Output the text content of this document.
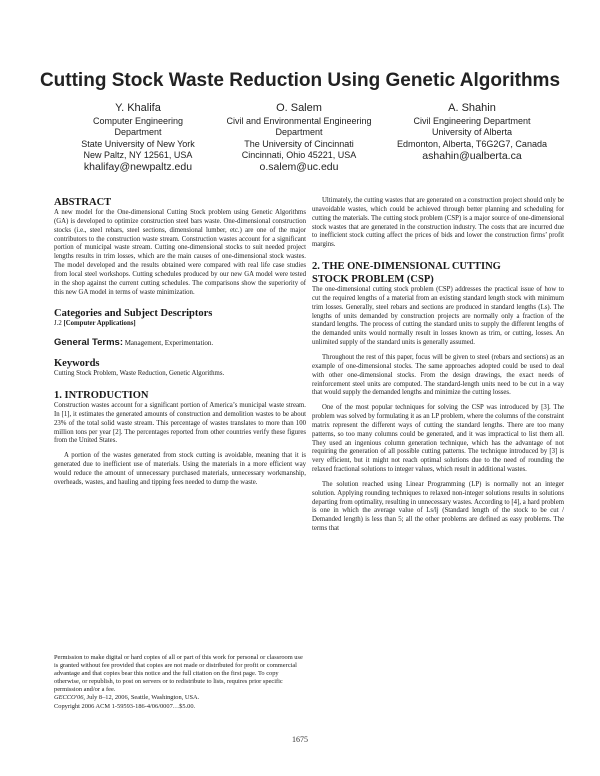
Cutting Stock Waste Reduction Using Genetic Algorithms
Y. Khalifa
Computer Engineering Department
State University of New York
New Paltz, NY 12561, USA
khalifay@newpaltz.edu
O. Salem
Civil and Environmental Engineering
Department
The University of Cincinnati
Cincinnati, Ohio 45221, USA
o.salem@uc.edu
A. Shahin
Civil Engineering Department
University of Alberta
Edmonton, Alberta, T6G2G7, Canada
ashahin@ualberta.ca

ABSTRACT

A new model for the One-dimensional Cutting Stock problem using Genetic Algorithms (GA) is developed to optimize construction steel bars waste. One-dimensional construction stocks (i.e., steel rebars, steel sections, dimensional lumber, etc.) are one of the major contributors to the construction waste stream. Construction wastes account for a significant portion of municipal waste stream. Cutting one-dimensional stocks to suit needed project lengths results in trim losses, which are the main causes of one-dimensional stock wastes. The model developed and the results obtained were compared with real life case studies from local steel workshops. Cutting schedules produced by our new GA model were tested in the shop against the current cutting schedules. The comparisons show the superiority of this new GA model in terms of waste minimization.

Categories and Subject Descriptors

J.2 [Computer Applications]

General Terms: Management, Experimentation.

Keywords

Cutting Stock Problem, Waste Reduction, Genetic Algorithms.

1. INTRODUCTION

Construction wastes account for a significant portion of America’s municipal waste stream. In [1], it estimates the generated amounts of construction and demolition wastes to be about 23% of the total solid waste stream. This percentage of wastes translates to more than 100 million tons per year [2]. The percentages reported from other countries verify these figures from the United States.

A portion of the wastes generated from stock cutting is avoidable, meaning that it is generated due to inefficient use of materials. Using the materials in a more efficient way would reduce the amount of unnecessary purchased materials, unnecessary workmanship, overheads, wastes, and hauling and tipping fees needed to dump the waste.

Permission to make digital or hard copies of all or part of this work for personal or classroom use is granted without fee provided that copies are not made or distributed for profit or commercial advantage and that copies bear this notice and the full citation on the first page. To copy otherwise, or republish, to post on servers or to redistribute to lists, requires prior specific permission and/or a fee.
GECCO'06, July 8–12, 2006, Seattle, Washington, USA.
Copyright 2006 ACM 1-59593-186-4/06/0007…$5.00.

Ultimately, the cutting wastes that are generated on a construction project should only be unavoidable wastes, which could be achieved through better planning and scheduling for cutting the materials. The cutting stock problem (CSP) is a major source of one-dimensional stock wastes that are generated in the construction industry. The costs that are incurred due to inefficient stock cutting affect the prices of bids and lower the construction firms’ profit margins.

2. THE ONE-DIMENSIONAL CUTTING
STOCK PROBLEM (CSP)

The one-dimensional cutting stock problem (CSP) addresses the practical issue of how to cut the required lengths of a material from an existing standard length stock with minimum trim losses. Generally, steel rebars and sections are produced in standard lengths (Ls). The lengths of units demanded by construction projects are normally only a fraction of the standard lengths. The process of cutting the standard units to supply the different lengths of the demanded units would normally result in losses known as trim, or cutting, losses. An unlimited supply of the standard units is generally assumed.

Throughout the rest of this paper, focus will be given to steel (rebars and sections) as an example of one-dimensional stocks. The same approaches adopted could be used to deal with other one-dimensional stocks. From the design drawings, the exact needs of reinforcement steel units are computed. The standard-length units need to be cut in a way that would supply the demanded lengths and minimize the cutting losses.

One of the most popular techniques for solving the CSP was introduced by [3]. The problem was solved by formulating it as an LP problem, where the columns of the constraint matrix represent the different ways of cutting the standard lengths. There are too many patterns, so too many columns could be generated, and it was impractical to list them all. They used an ingenious column generation technique, which has the advantage of not requiring the generation of all possible cutting patterns. The technique introduced by [3] is very efficient, but it might not reach optimal solutions due to the need of rounding the relaxed fractional solutions to integer values, which result in additional wastes.

The solution reached using Linear Programming (LP) is normally not an integer solution. Applying rounding techniques to relaxed non-integer solutions results in solutions departing from optimality, resulting in unnecessary wastes. According to [4], a hard problem is one in which the average value of Ls/lj (Standard length of the stock to be cut / Demanded length) is less than 5; all the other problems are defined as easy problems. The terms that

1675
